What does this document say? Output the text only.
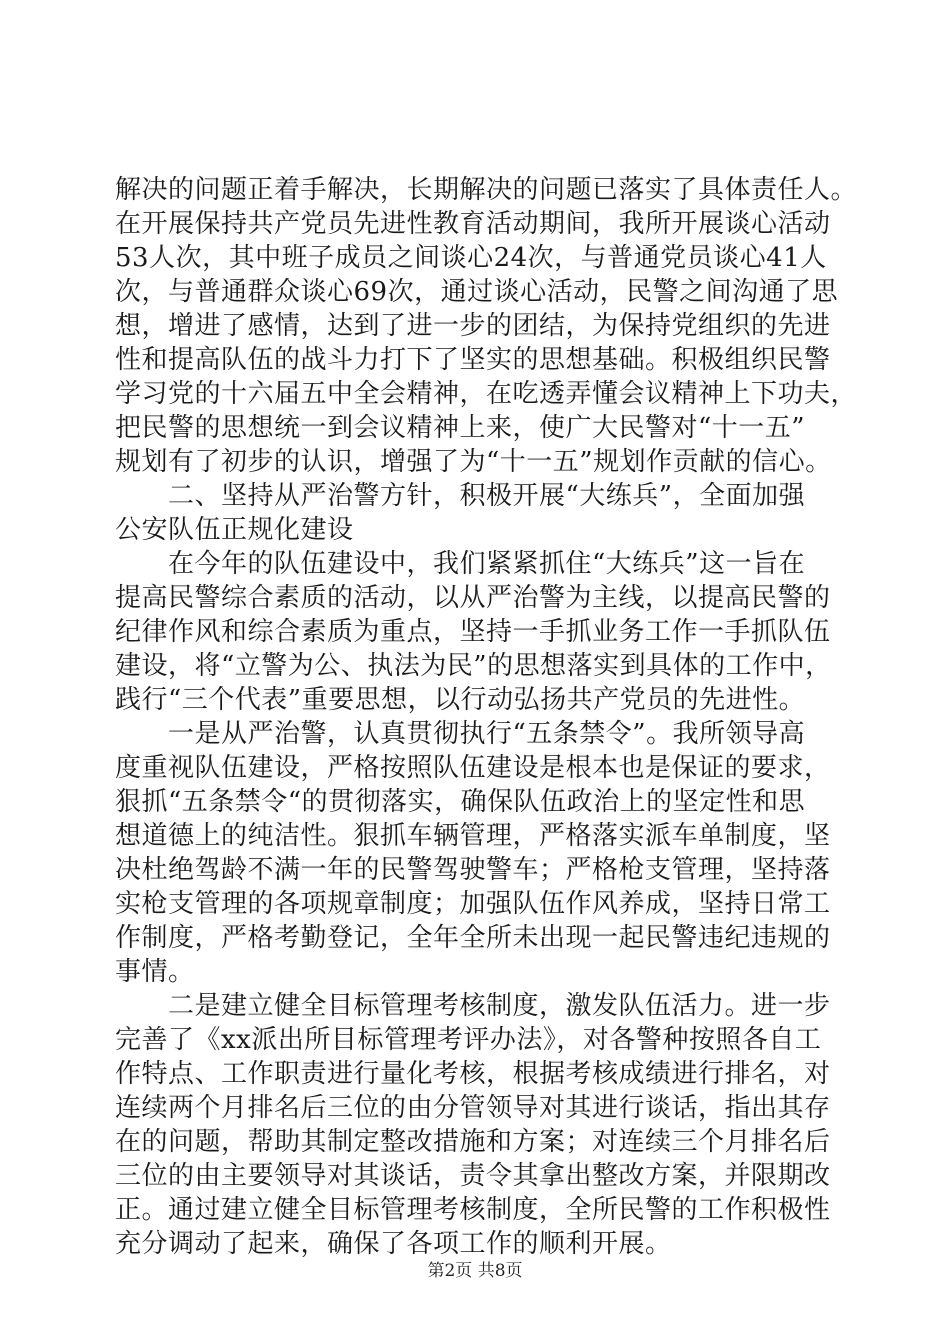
解决的问题正着手解决，长期解决的问题已落实了具体责任人。
在开展保持共产党员先进性教育活动期间，我所开展谈心活动
53人次，其中班子成员之间谈心24次，与普通党员谈心41人
次，与普通群众谈心69次，通过谈心活动，民警之间沟通了思
想，增进了感情，达到了进一步的团结，为保持党组织的先进
性和提高队伍的战斗力打下了坚实的思想基础。积极组织民警
学习党的十六届五中全会精神，在吃透弄懂会议精神上下功夫，
把民警的思想统一到会议精神上来，使广大民警对“十一五”
规划有了初步的认识，增强了为“十一五”规划作贡献的信心。
　　二、坚持从严治警方针，积极开展“大练兵”，全面加强
公安队伍正规化建设
　　在今年的队伍建设中，我们紧紧抓住“大练兵”这一旨在
提高民警综合素质的活动，以从严治警为主线，以提高民警的
纪律作风和综合素质为重点，坚持一手抓业务工作一手抓队伍
建设，将“立警为公、执法为民”的思想落实到具体的工作中，
践行“三个代表”重要思想，以行动弘扬共产党员的先进性。
　　一是从严治警，认真贯彻执行“五条禁令”。我所领导高
度重视队伍建设，严格按照队伍建设是根本也是保证的要求，
狠抓“五条禁令“的贯彻落实，确保队伍政治上的坚定性和思
想道德上的纯洁性。狠抓车辆管理，严格落实派车单制度，坚
决杜绝驾龄不满一年的民警驾驶警车；严格枪支管理，坚持落
实枪支管理的各项规章制度；加强队伍作风养成，坚持日常工
作制度，严格考勤登记，全年全所未出现一起民警违纪违规的
事情。
　　二是建立健全目标管理考核制度，激发队伍活力。进一步
完善了《xx派出所目标管理考评办法》，对各警种按照各自工
作特点、工作职责进行量化考核，根据考核成绩进行排名，对
连续两个月排名后三位的由分管领导对其进行谈话，指出其存
在的问题，帮助其制定整改措施和方案；对连续三个月排名后
三位的由主要领导对其谈话，责令其拿出整改方案，并限期改
正。通过建立健全目标管理考核制度，全所民警的工作积极性
充分调动了起来，确保了各项工作的顺利开展。
第2页 共8页
